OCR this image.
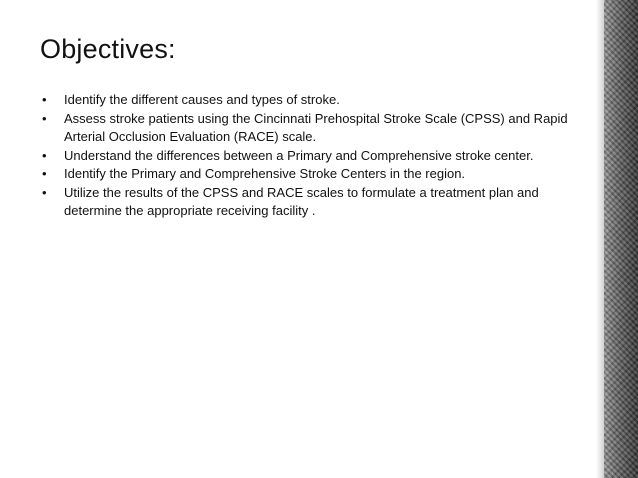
Objectives:
• Identify the different causes and types of stroke.
• Assess stroke patients using the Cincinnati Prehospital Stroke Scale (CPSS) and Rapid Arterial Occlusion Evaluation (RACE) scale.
• Understand the differences between a Primary and Comprehensive stroke center.
• Identify the Primary and Comprehensive Stroke Centers in the region.
• Utilize the results of the CPSS and RACE scales to formulate a treatment plan and determine the appropriate receiving facility .
